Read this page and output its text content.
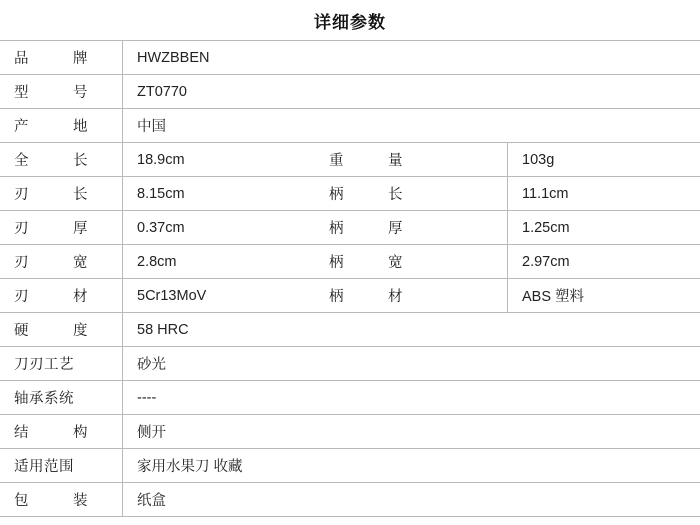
详细参数
品 牌	HWZBBEN		

型 号	ZT0770		

产 地	中国		

全 长	18.9cm	重 量	103g

刃 长	8.15cm	柄 长	11.1cm

刃 厚	0.37cm	柄 厚	1.25cm

刃 宽	2.8cm	柄 宽	2.97cm

刃 材	5Cr13MoV	柄 材	ABS 塑料

硬 度	58 HRC		
刀刃工艺	砂光		
轴承系统	----		

结 构	侧开		
适用范围	家用水果刀 收藏		

包 装	纸盒		
